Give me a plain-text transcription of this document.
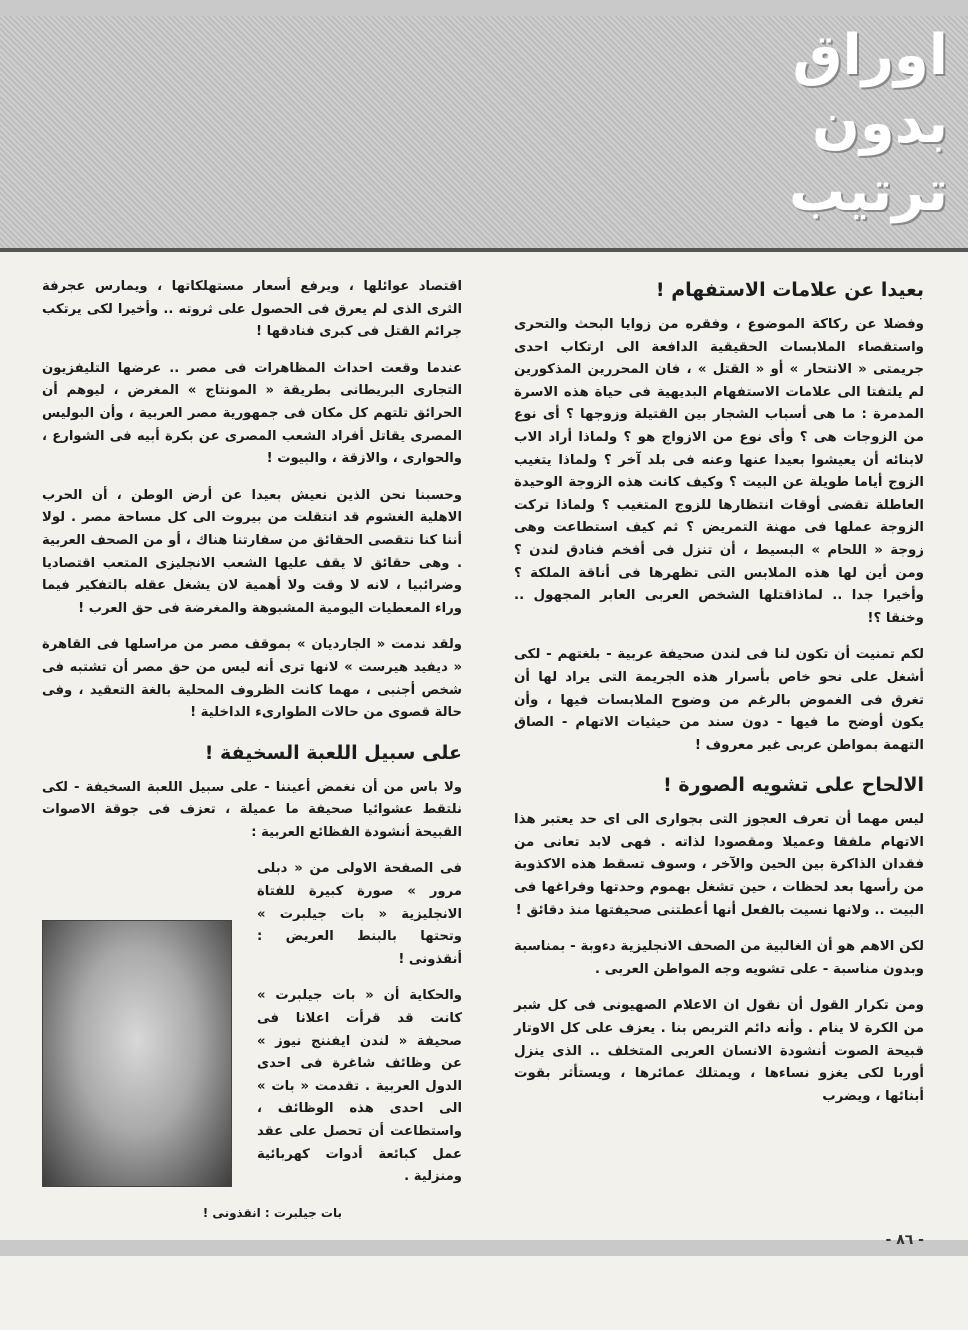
اوراق
بدون
ترتيب
بعيدا عن علامات الاستفهام !

وفضلا عن ركاكة الموضوع ، وفقره من زوايا البحث والتحرى واستقصاء الملابسات الحقيقية الدافعة الى ارتكاب احدى جريمتى « الانتحار » أو « القتل » ، فان المحررين المذكورين لم يلتفتا الى علامات الاستفهام البديهية فى حياة هذه الاسرة المدمرة : ما هى أسباب الشجار بين القتيلة وزوجها ؟ أى نوع من الزوجات هى ؟ وأى نوع من الازواج هو ؟ ولماذا أراد الاب لابنائه أن يعيشوا بعيدا عنها وعنه فى بلد آخر ؟ ولماذا يتغيب الزوج أياما طويلة عن البيت ؟ وكيف كانت هذه الزوجة الوحيدة العاطلة تقضى أوقات انتظارها للزوج المتغيب ؟ ولماذا تركت الزوجة عملها فى مهنة التمريض ؟ ثم كيف استطاعت وهى زوجة « اللحام » البسيط ، أن تنزل فى أفخم فنادق لندن ؟ ومن أين لها هذه الملابس التى تظهرها فى أناقة الملكة ؟ وأخيرا جدا .. لماذاقتلها الشخص العربى العابر المجهول .. وخنقا ؟!

لكم تمنيت أن تكون لنا فى لندن صحيفة عربية - بلغتهم - لكى أشغل على نحو خاص بأسرار هذه الجريمة التى يراد لها أن تغرق فى الغموض بالرغم من وضوح الملابسات فيها ، وأن يكون أوضح ما فيها - دون سند من حيثيات الاتهام - الصاق التهمة بمواطن عربى غير معروف !

الالحاح على تشويه الصورة !

ليس مهما أن تعرف العجوز التى بجوارى الى اى حد يعتبر هذا الاتهام ملفقا وعميلا ومقصودا لذاته . فهى لابد تعانى من فقدان الذاكرة بين الحين والآخر ، وسوف تسقط هذه الاكذوبة من رأسها بعد لحظات ، حين تشغل بهموم وحدتها وفراغها فى البيت .. ولانها نسيت بالفعل أنها أعطتنى صحيفتها منذ دقائق !

لكن الاهم هو أن الغالبية من الصحف الانجليزية دءوبة - بمناسبة وبدون مناسبة - على تشويه وجه المواطن العربى .

ومن تكرار القول أن نقول ان الاعلام الصهيونى فى كل شبر من الكرة لا ينام . وأنه دائم التربص بنا . يعزف على كل الاوتار قبيحة الصوت أنشودة الانسان العربى المتخلف .. الذى ينزل أوربا لكى يغزو نساءها ، ويمتلك عمائرها ، ويستأثر بقوت أبنائها ، ويضرب

اقتصاد عوائلها ، ويرفع أسعار مستهلكاتها ، ويمارس عجرفة الثرى الذى لم يعرق فى الحصول على ثروته .. وأخيرا لكى يرتكب جرائم القتل فى كبرى فنادقها !

عندما وقعت احداث المظاهرات فى مصر .. عرضها التليفزيون التجارى البريطانى بطريقة « المونتاج » المغرض ، ليوهم أن الحرائق تلتهم كل مكان فى جمهورية مصر العربية ، وأن البوليس المصرى يقاتل أفراد الشعب المصرى عن بكرة أبيه فى الشوارع ، والحوارى ، والازقة ، والبيوت !

وحسبنا نحن الذين نعيش بعيدا عن أرض الوطن ، أن الحرب الاهلية الغشوم قد انتقلت من بيروت الى كل مساحة مصر . لولا أننا كنا نتقصى الحقائق من سفارتنا هناك ، أو من الصحف العربية . وهى حقائق لا يقف عليها الشعب الانجليزى المتعب اقتصاديا وضرائبيا ، لانه لا وقت ولا أهمية لان يشغل عقله بالتفكير فيما وراء المعطيات اليومية المشبوهة والمغرضة فى حق العرب !

ولقد ندمت « الجارديان » بموقف مصر من مراسلها فى القاهرة « ديفيد هيرست » لانها ترى أنه ليس من حق مصر أن تشتبه فى شخص أجنبى ، مهما كانت الظروف المحلية بالغة التعقيد ، وفى حالة قصوى من حالات الطوارىء الداخلية !

على سبيل اللعبة السخيفة !

ولا باس من أن نغمض أعيننا - على سبيل اللعبة السخيفة - لكى نلتقط عشوائيا صحيفة ما عميلة ، تعزف فى جوقة الاصوات القبيحة أنشودة الفظائع العربية :

فى الصفحة الاولى من « دبلى مرور » صورة كبيرة للفتاة الانجليزية « بات جيلبرت » وتحتها بالبنط العريض : أنقذونى !

والحكاية أن « بات جيلبرت » كانت قد قرأت اعلانا فى صحيفة « لندن ايفننج نيوز » عن وظائف شاغرة فى احدى الدول العربية . تقدمت « بات » الى احدى هذه الوظائف ، واستطاعت أن تحصل على عقد عمل كبائعة أدوات كهربائية ومنزلية .

بات جيلبرت : انقذونى !
- ٨٦ -
